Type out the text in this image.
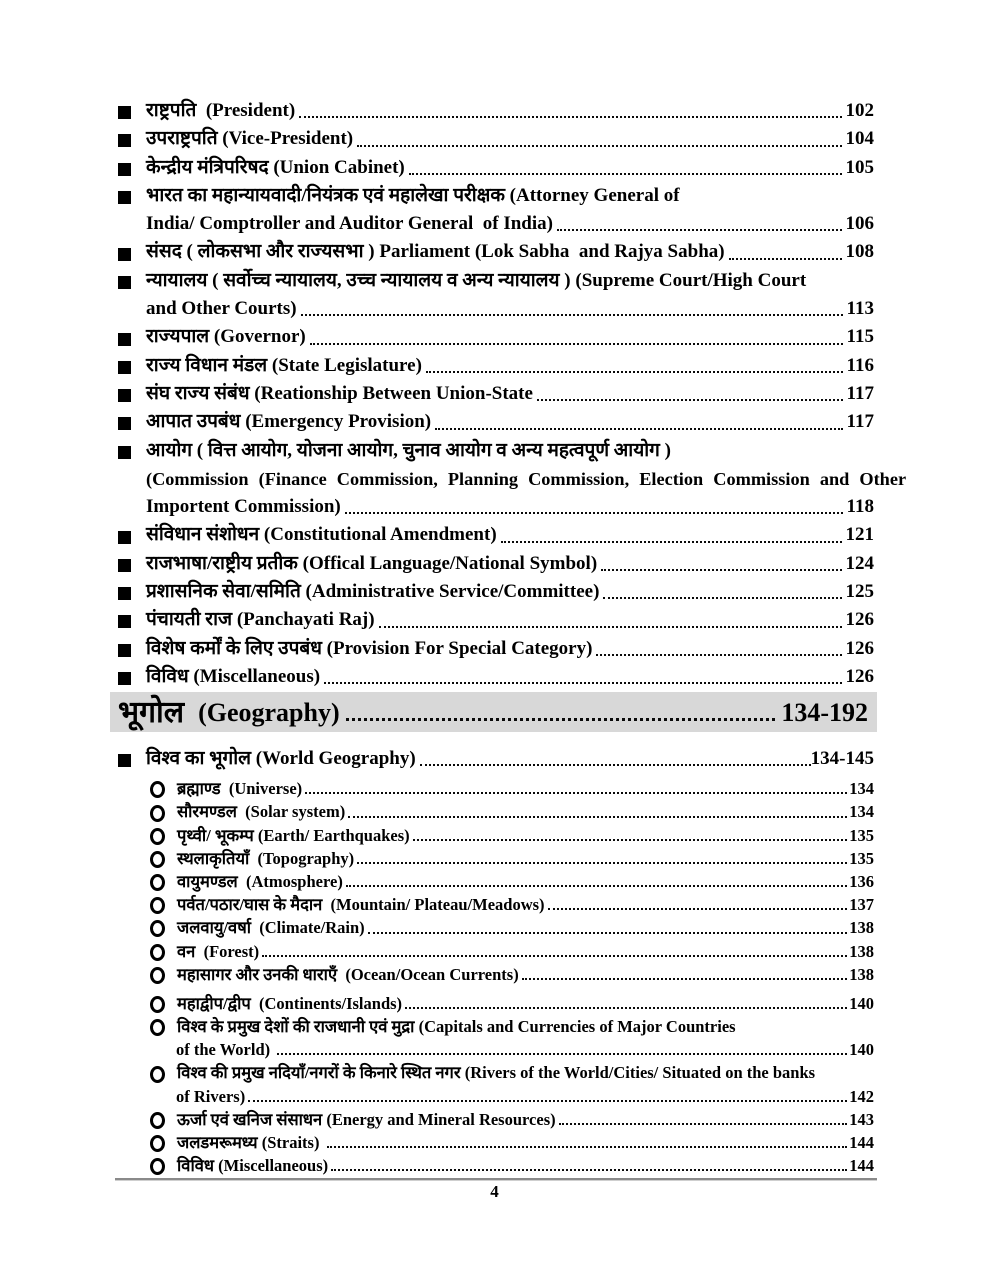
राष्ट्रपति  (President)	102
उपराष्ट्रपति (Vice-President)	104
केन्द्रीय मंत्रिपरिषद (Union Cabinet)	105
भारत का महान्यायवादी/नियंत्रक एवं महालेखा परीक्षक (Attorney General of
India/ Comptroller and Auditor General  of India)	106
संसद ( लोकसभा और राज्यसभा ) Parliament (Lok Sabha  and Rajya Sabha)	108
न्यायालय ( सर्वोच्च न्यायालय, उच्च न्यायालय व अन्य न्यायालय ) (Supreme Court/High Court
and Other Courts)	113
राज्यपाल (Governor)	115
राज्य विधान मंडल (State Legislature)	116
संघ राज्य संबंध (Reationship Between Union-State	117
आपात उपबंध (Emergency Provision)	117
आयोग ( वित्त आयोग, योजना आयोग, चुनाव आयोग व अन्य महत्वपूर्ण आयोग )
(Commission (Finance Commission, Planning Commission, Election Commission and Other
Importent Commission)	118
संविधान संशोधन (Constitutional Amendment)	121
राजभाषा/राष्ट्रीय प्रतीक (Offical Language/National Symbol)	124
प्रशासनिक सेवा/समिति (Administrative Service/Committee)	125
पंचायती राज (Panchayati Raj)	126
विशेष कर्मों के लिए उपबंध (Provision For Special Category)	126
विविध (Miscellaneous)	126
भूगोल (Geography)	134-192
विश्व का भूगोल (World Geography)	134-145
ब्रह्माण्ड  (Universe)	134
सौरमण्डल  (Solar system)	134
पृथ्वी/ भूकम्प (Earth/ Earthquakes)	135
स्थलाकृतियाँ  (Topography)	135
वायुमण्डल  (Atmosphere)	136
पर्वत/पठार/घास के मैदान  (Mountain/ Plateau/Meadows)	137
जलवायु/वर्षा  (Climate/Rain)	138
वन  (Forest)	138
महासागर और उनकी धाराएँ  (Ocean/Ocean Currents)	138
महाद्वीप/द्वीप  (Continents/Islands)	140
विश्व के प्रमुख देशों की राजधानी एवं मुद्रा (Capitals and Currencies of Major Countries
of the World)	140
विश्व की प्रमुख नदियाँ/नगरों के किनारे स्थित नगर (Rivers of the World/Cities/ Situated on the banks
of Rivers)	142
ऊर्जा एवं खनिज संसाधन (Energy and Mineral Resources)	143
जलडमरूमध्य (Straits)	144
विविध (Miscellaneous)	144
4
